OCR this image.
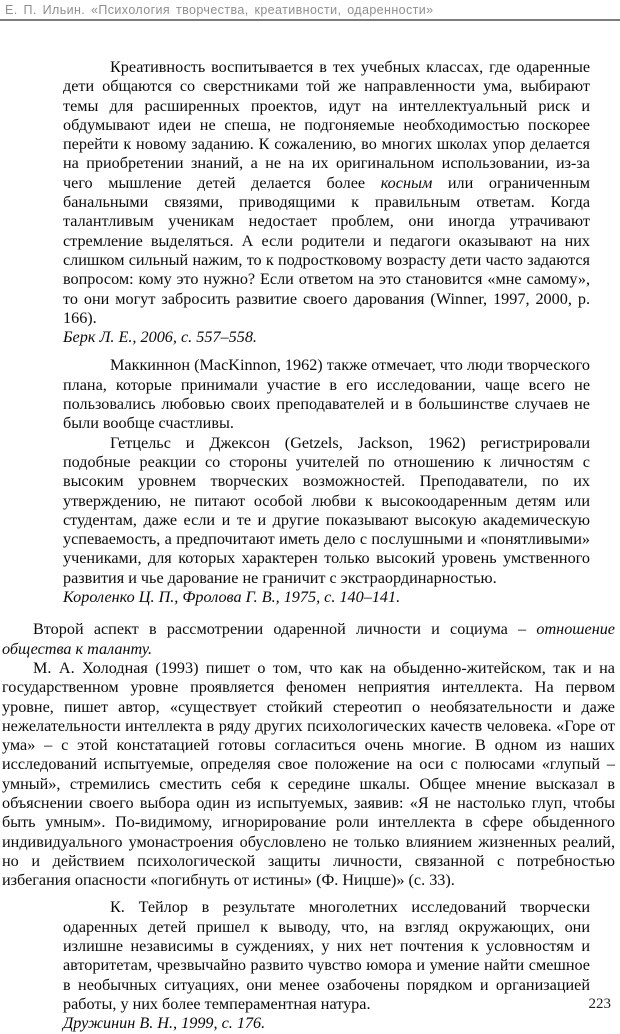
Е. П. Ильин. «Психология творчества, креативности, одаренности»

Креативность воспитывается в тех учебных классах, где одаренные дети общаются со сверстниками той же направленности ума, выбирают темы для расширенных проектов, идут на интеллектуальный риск и обдумывают идеи не спеша, не подгоняемые необходимостью поскорее перейти к новому заданию. К сожалению, во многих школах упор делается на приобретении знаний, а не на их оригинальном использовании, из-за чего мышление детей делается более косным или ограниченным банальными связями, приводящими к правильным ответам. Когда талантливым ученикам недостает проблем, они иногда утрачивают стремление выделяться. А если родители и педагоги оказывают на них слишком сильный нажим, то к подростковому возрасту дети часто задаются вопросом: кому это нужно? Если ответом на это становится «мне самому», то они могут забросить развитие своего дарования (Winner, 1997, 2000, p. 166).

Берк Л. Е., 2006, с. 557–558.

Маккиннон (MacKinnon, 1962) также отмечает, что люди творческого плана, которые принимали участие в его исследовании, чаще всего не пользовались любовью своих преподавателей и в большинстве случаев не были вообще счастливы.

Гетцельс и Джексон (Getzels, Jackson, 1962) регистрировали подобные реакции со стороны учителей по отношению к личностям с высоким уровнем творческих возможностей. Преподаватели, по их утверждению, не питают особой любви к высокоодаренным детям или студентам, даже если и те и другие показывают высокую академическую успеваемость, а предпочитают иметь дело с послушными и «понятливыми» учениками, для которых характерен только высокий уровень умственного развития и чье дарование не граничит с экстраординарностью.

Короленко Ц. П., Фролова Г. В., 1975, с. 140–141.

Второй аспект в рассмотрении одаренной личности и социума – отношение общества к таланту.

М. А. Холодная (1993) пишет о том, что как на обыденно-житейском, так и на государственном уровне проявляется феномен неприятия интеллекта. На первом уровне, пишет автор, «существует стойкий стереотип о необязательности и даже нежелательности интеллекта в ряду других психологических качеств человека. «Горе от ума» – с этой констатацией готовы согласиться очень многие. В одном из наших исследований испытуемые, определяя свое положение на оси с полюсами «глупый – умный», стремились сместить себя к середине шкалы. Общее мнение высказал в объяснении своего выбора один из испытуемых, заявив: «Я не настолько глуп, чтобы быть умным». По-видимому, игнорирование роли интеллекта в сфере обыденного индивидуального умонастроения обусловлено не только влиянием жизненных реалий, но и действием психологической защиты личности, связанной с потребностью избегания опасности «погибнуть от истины» (Ф. Ницше)» (с. 33).

К. Тейлор в результате многолетних исследований творчески одаренных детей пришел к выводу, что, на взгляд окружающих, они излишне независимы в суждениях, у них нет почтения к условностям и авторитетам, чрезвычайно развито чувство юмора и умение найти смешное в необычных ситуациях, они менее озабочены порядком и организацией работы, у них более темпераментная натура.

Дружинин В. Н., 1999, с. 176.

223
